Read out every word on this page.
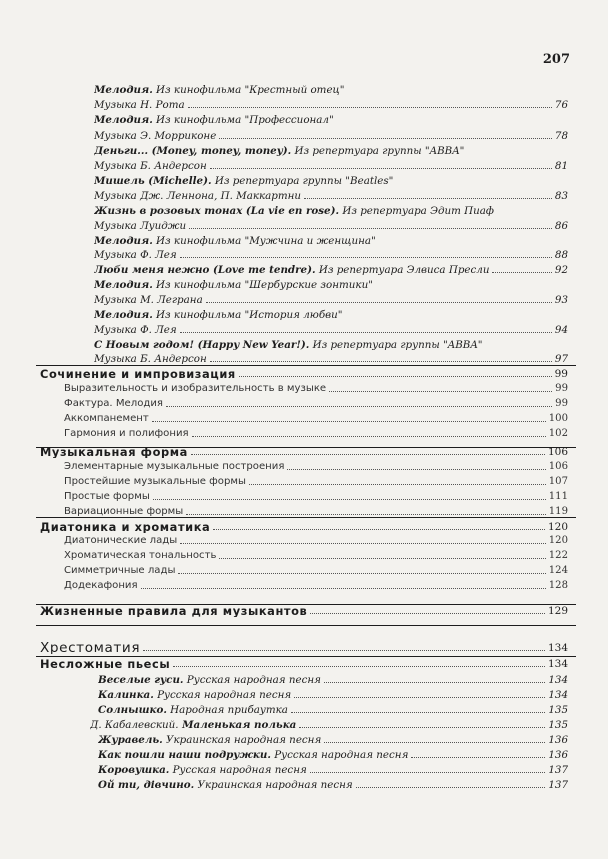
207
Мелодия. Из кинофильма "Крестный отец"
Музыка Н. Рота	76
Мелодия. Из кинофильма "Профессионал"
Музыка Э. Морриконе	78
Деньги... (Money, money, money). Из репертуара группы "ABBA"
Музыка Б. Андерсон	81
Мишель (Michelle). Из репертуара группы "Beatles"
Музыка Дж. Леннона, П. Маккартни	83
Жизнь в розовых тонах (La vie en rose). Из репертуара Эдит Пиаф
Музыка Луиджи	86
Мелодия. Из кинофильма "Мужчина и женщина"
Музыка Ф. Лея	88
Люби меня нежно (Love me tendre). Из репертуара Элвиса Пресли	92
Мелодия. Из кинофильма "Шербурские зонтики"
Музыка М. Леграна	93
Мелодия. Из кинофильма "История любви"
Музыка Ф. Лея	94
С Новым годом! (Happy New Year!). Из репертуара группы "ABBA"
Музыка Б. Андерсон	97
Сочинение и импровизация	99
Выразительность и изобразительность в музыке	99
Фактура. Мелодия	99
Аккомпанемент	100
Гармония и полифония	102
Музыкальная форма	106
Элементарные музыкальные построения	106
Простейшие музыкальные формы	107
Простые формы	111
Вариационные формы	119
Диатоника и хроматика	120
Диатонические лады	120
Хроматическая тональность	122
Симметричные лады	124
Додекафония	128
Жизненные правила для музыкантов	129
Хрестоматия	134
Несложные пьесы	134
Веселые гуси. Русская народная песня	134
Калинка. Русская народная песня	134
Солнышко. Народная прибаутка	135
Д. Кабалевский. Маленькая полька	135
Журавель. Украинская народная песня	136
Как пошли наши подружки. Русская народная песня	136
Коровушка. Русская народная песня	137
Ой ти, дівчино. Украинская народная песня	137
